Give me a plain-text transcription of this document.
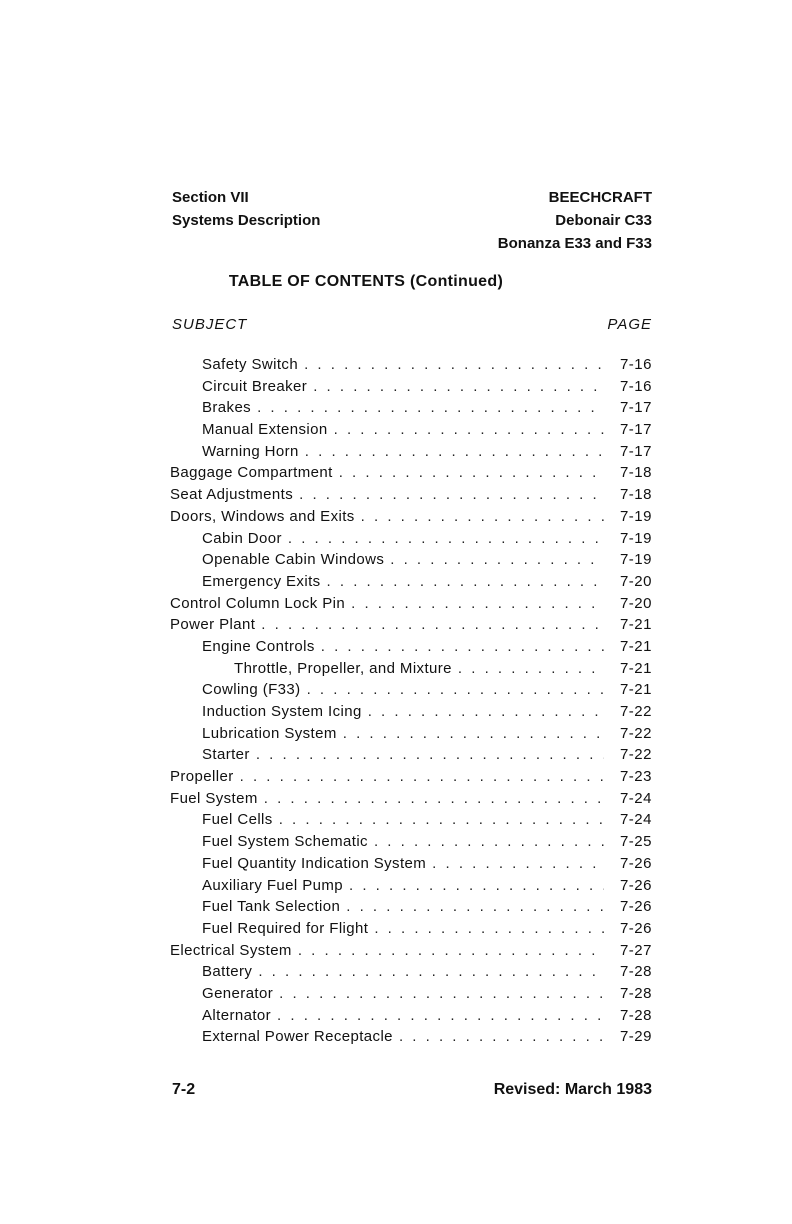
Section VII
Systems Description
BEECHCRAFT
Debonair C33
Bonanza E33 and F33
TABLE OF CONTENTS (Continued)
SUBJECT	PAGE
Safety Switch . . .	7-16
Circuit Breaker . . .	7-16
Brakes . . .	7-17
Manual Extension . . .	7-17
Warning Horn . . .	7-17
Baggage Compartment . . .	7-18
Seat Adjustments . . .	7-18
Doors, Windows and Exits . . .	7-19
Cabin Door . . .	7-19
Openable Cabin Windows . . .	7-19
Emergency Exits . . .	7-20
Control Column Lock Pin . . .	7-20
Power Plant . . .	7-21
Engine Controls . . .	7-21
Throttle, Propeller, and Mixture . . .	7-21
Cowling (F33) . . .	7-21
Induction System Icing . . .	7-22
Lubrication System . . .	7-22
Starter . . .	7-22
Propeller . . .	7-23
Fuel System . . .	7-24
Fuel Cells . . .	7-24
Fuel System Schematic . . .	7-25
Fuel Quantity Indication System . . .	7-26
Auxiliary Fuel Pump . . .	7-26
Fuel Tank Selection . . .	7-26
Fuel Required for Flight . . .	7-26
Electrical System . . .	7-27
Battery . . .	7-28
Generator . . .	7-28
Alternator . . .	7-28
External Power Receptacle . . .	7-29
7-2	Revised: March 1983
